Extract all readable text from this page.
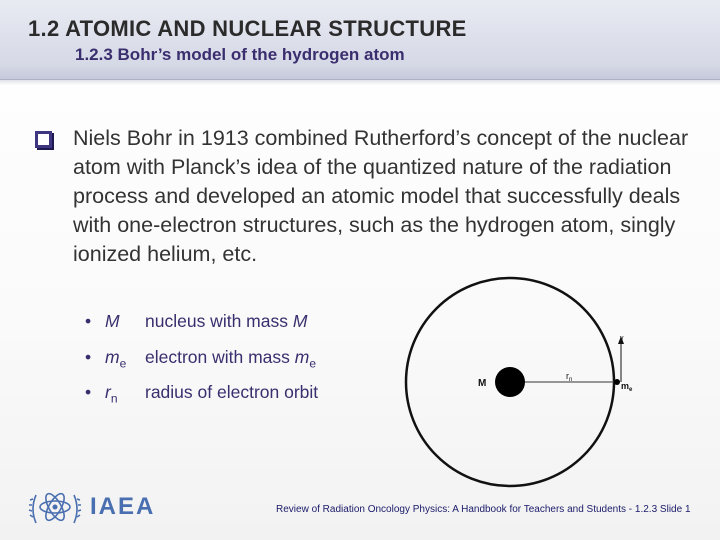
1.2 ATOMIC AND NUCLEAR STRUCTURE
1.2.3 Bohr’s model of the hydrogen atom
Niels Bohr in 1913 combined Rutherford’s concept of the nuclear atom with Planck’s idea of the quantized nature of the radiation process and developed an atomic model that successfully deals with one-electron structures, such as the hydrogen atom, singly ionized helium, etc.
• M	nucleus with mass M
• $m_e$	electron with mass $m_e$
• $r_n$	radius of electron orbit	M
$r_n$
$m_e$
v
IAEA	Review of Radiation Oncology Physics: A Handbook for Teachers and Students - 1.2.3 Slide 1
